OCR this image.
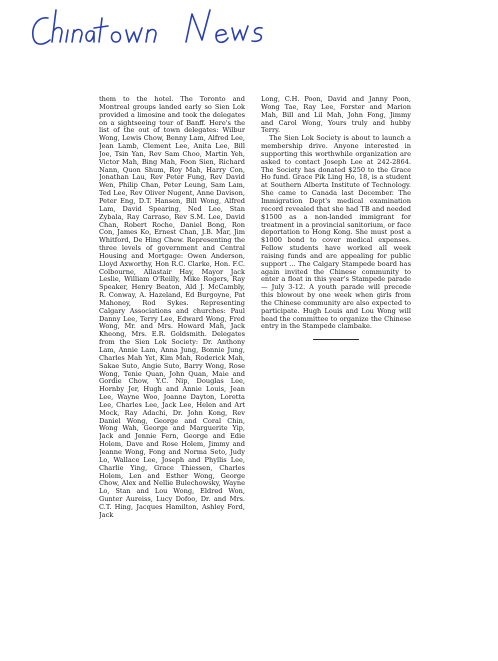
them to the hotel. The Toronto and Montreal groups landed early so Sien Lok provided a limosine and took the delegates on a sightseeing tour of Banff. Here's the list of the out of town delegates: Wilbur Wong, Lewis Chow, Benny Lam, Alfred Lee, Jean Lamb, Clement Lee, Anita Lee, Bill Joe, Tsin Yan, Rev Sam Choo, Martin Yeh, Victor Mah, Bing Mah, Foon Sien, Richard Nann, Quon Shum, Roy Mah, Harry Con, Jonathan Lau, Rev Peter Fung, Rev David Wen, Philip Chan, Peter Leung, Sam Lam, Ted Lee, Rev Oliver Nugent, Anne Davison, Peter Eng, D.T. Hansen, Bill Wong, Alfred Lam, David Spearing, Ned Lee, Stan Zybala, Ray Carraso, Rev S.M. Lee, David Chan, Robert Roche, Daniel Bong, Ron Con, James Ko, Ernest Chan, J.B. Mar, Jim Whitford, De Hing Chew. Representing the three levels of government and Central Housing and Mortgage: Owen Anderson, Lloyd Axworthy, Hon R.C. Clarke, Hon. F.C. Colbourne, Allastair Hay, Mayor Jack Leslie, William O'Reilly, Mike Rogers, Ray Speaker, Henry Beaton, Ald J. McCambly, R. Conway, A. Hazeland, Ed Burgoyne, Pat Mahoney, Rod Sykes. Representing Calgary Associations and churches: Paul Danny Lee, Terry Lee, Edward Wong, Fred Wong, Mr. and Mrs. Howard Mah, Jack Kheong, Mrs. E.R. Goldsmith. Delegates from the Sien Lok Society: Dr. Anthony Lam, Annie Lam, Anna Jung, Bonnie Jung, Charles Mah Yet, Kim Mah, Roderick Mah, Sakae Suto, Angie Suto, Barry Wong, Rose Wong, Tenie Quan, John Quan, Maie and Gordie Chow, Y.C. Nip, Douglas Lee, Hornby Jer, Hugh and Annie Louis, Jean Lee, Wayne Woo, Joanne Dayton, Loretta Lee, Charles Lee, Jack Lee, Helen and Art Mock, Ray Adachi, Dr. John Kong, Rev Daniel Wong, George and Coral Chin, Wong Wah, George and Marguerite Yip, Jack and Jennie Fern, George and Edie Holem, Dave and Rose Holem, Jimmy and Jeanne Wong, Fong and Norma Seto, Judy Lo, Wallace Lee, Joseph and Phyllis Lee, Charlie Ying, Grace Thiessen, Charles Holem, Len and Esther Wong, George Chow, Alex and Nellie Bulechowsky, Wayne Lo, Stan and Lou Wong, Eldred Won, Gunter Aureiss, Lucy Dofoo, Dr. and Mrs. C.T. Hing, Jacques Hamilton, Ashley Ford, Jack

Long, C.H. Poon, David and Janny Poon, Wong Tae, Ray Lee, Forster and Marion Mah, Bill and Lil Mah, John Fong, Jimmy and Carol Wong, Yours truly and hubby Terry.

The Sien Lok Society is about to launch a membership drive. Anyone interested in supporting this worthwhile organization are asked to contact Joseph Lee at 242-2864. The Society has donated $250 to the Grace Ho fund. Grace Pik Ling Ho, 18, is a student at Southern Alberta Institute of Technology. She came to Canada last December. The Immigration Dept's medical examination record revealed that she had TB and needed $1500 as a non-landed immigrant for treatment in a provincial sanitorium, or face deportation to Hong Kong. She must post a $1000 bond to cover medical expenses. Fellow students have worked all week raising funds and are appealing for public support ... The Calgary Stampede board has again invited the Chinese community to enter a float in this year's Stampede parade — July 3-12. A youth parade will precede this blowout by one week when girls from the Chinese community are also expected to participate. Hugh Louis and Lou Wong will head the committee to organize the Chinese entry in the Stampede clambake.
